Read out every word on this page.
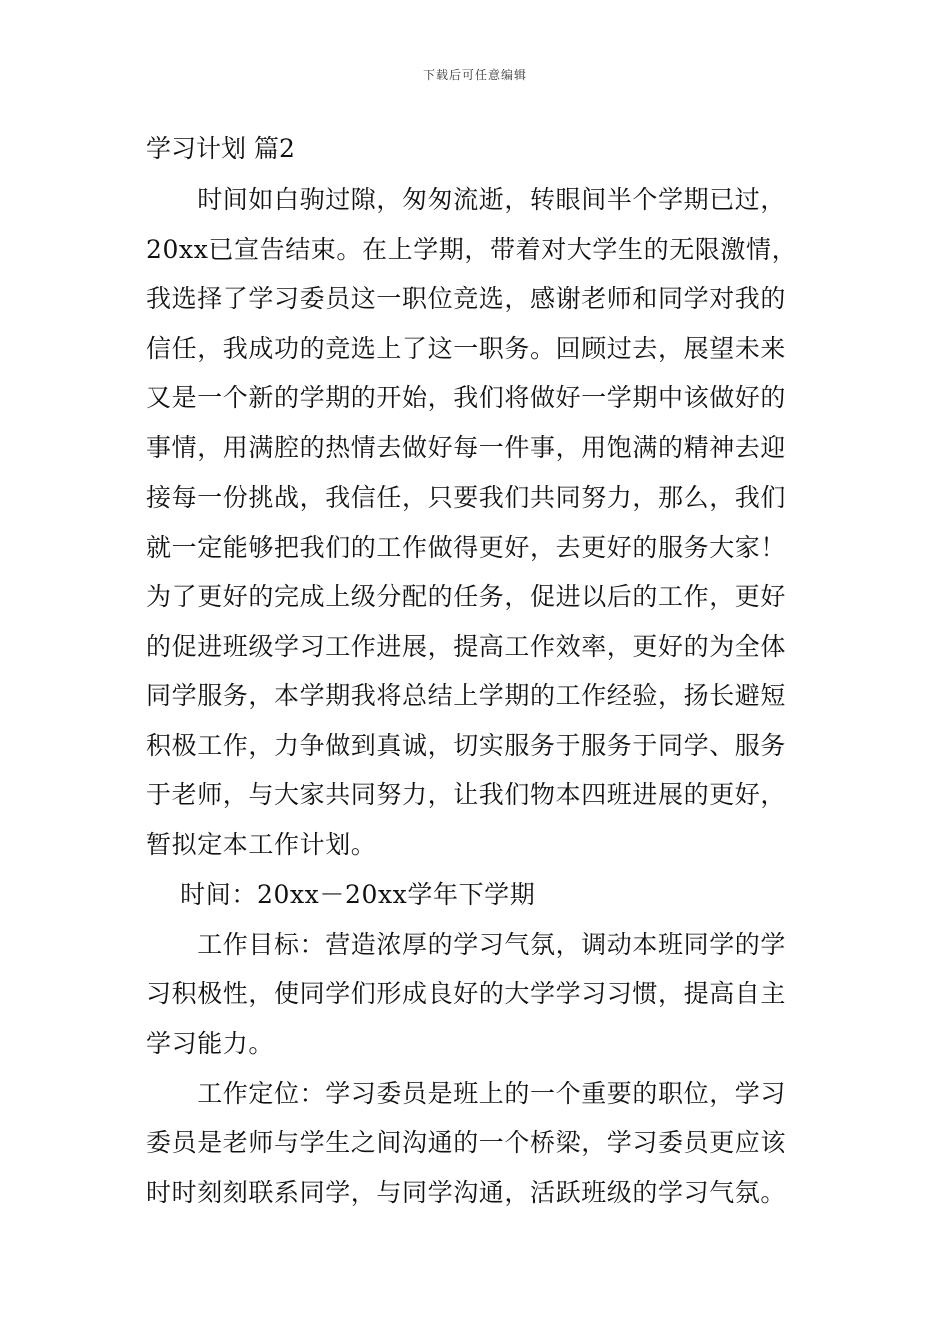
下载后可任意编辑
学习计划 篇2
　　时间如白驹过隙，匆匆流逝，转眼间半个学期已过，
20xx已宣告结束。在上学期，带着对大学生的无限激情，
我选择了学习委员这一职位竞选，感谢老师和同学对我的
信任，我成功的竞选上了这一职务。回顾过去，展望未来
又是一个新的学期的开始，我们将做好一学期中该做好的
事情，用满腔的热情去做好每一件事，用饱满的精神去迎
接每一份挑战，我信任，只要我们共同努力，那么，我们
就一定能够把我们的工作做得更好，去更好的服务大家！
为了更好的完成上级分配的任务，促进以后的工作，更好
的促进班级学习工作进展，提高工作效率，更好的为全体
同学服务，本学期我将总结上学期的工作经验，扬长避短
积极工作，力争做到真诚，切实服务于服务于同学、服务
于老师，与大家共同努力，让我们物本四班进展的更好，
暂拟定本工作计划。
　 时间：20xx－20xx学年下学期
　　工作目标：营造浓厚的学习气氛，调动本班同学的学
习积极性，使同学们形成良好的大学学习习惯，提高自主
学习能力。
　　工作定位：学习委员是班上的一个重要的职位，学习
委员是老师与学生之间沟通的一个桥梁，学习委员更应该
时时刻刻联系同学，与同学沟通，活跃班级的学习气氛。
